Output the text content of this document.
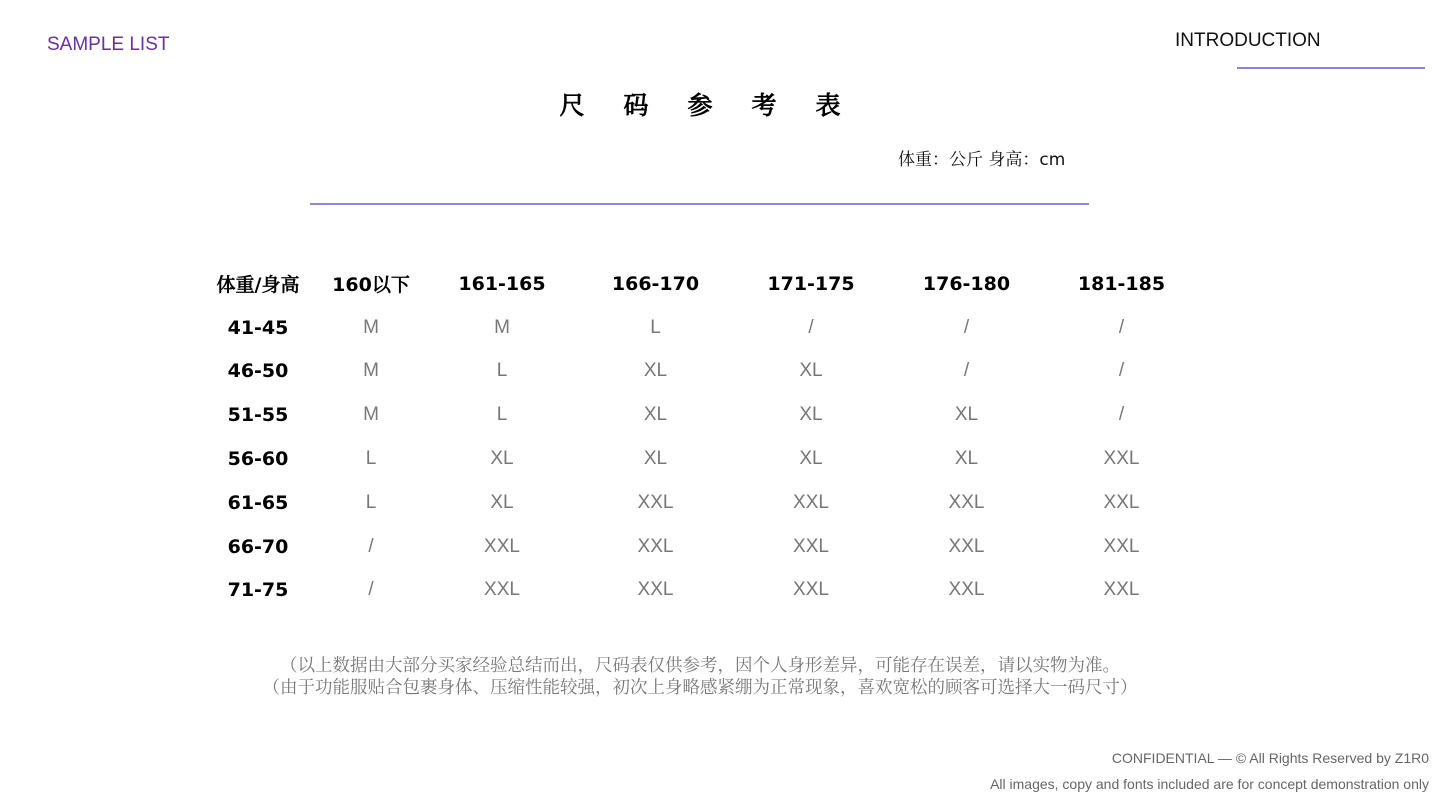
SAMPLE LIST	INTRODUCTION
尺 码 参 考 表
体重：公斤 身高：cm
体重/身高	160以下	161-165	166-170	171-175	176-180	181-185
41-45	M	M	L	/	/	/
46-50	M	L	XL	XL	/	/
51-55	M	L	XL	XL	XL	/
56-60	L	XL	XL	XL	XL	XXL
61-65	L	XL	XXL	XXL	XXL	XXL
66-70	/	XXL	XXL	XXL	XXL	XXL
71-75	/	XXL	XXL	XXL	XXL	XXL
（以上数据由大部分买家经验总结而出，尺码表仅供参考，因个人身形差异，可能存在误差，请以实物为准。
（由于功能服贴合包裹身体、压缩性能较强，初次上身略感紧绷为正常现象，喜欢宽松的顾客可选择大一码尺寸）
CONFIDENTIAL — © All Rights Reserved by Z1R0
All images, copy and fonts included are for concept demonstration only
